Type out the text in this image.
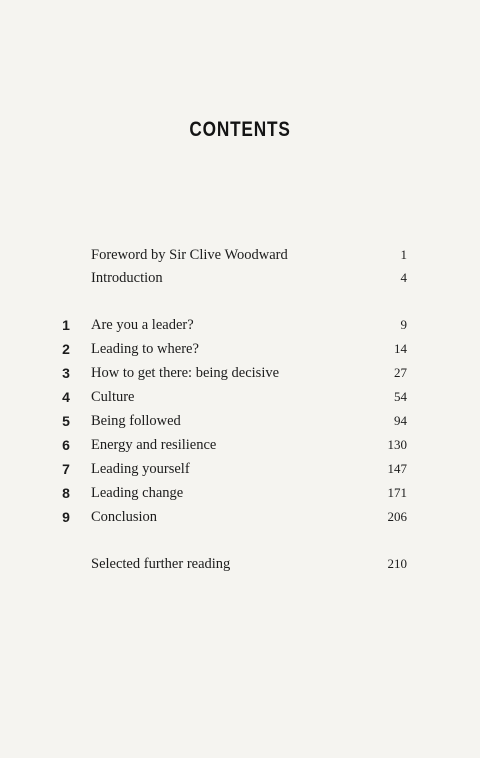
CONTENTS
Foreword by Sir Clive Woodward	1
Introduction	4
1	Are you a leader?	9
2	Leading to where?	14
3	How to get there: being decisive	27
4	Culture	54
5	Being followed	94
6	Energy and resilience	130
7	Leading yourself	147
8	Leading change	171
9	Conclusion	206
Selected further reading	210
